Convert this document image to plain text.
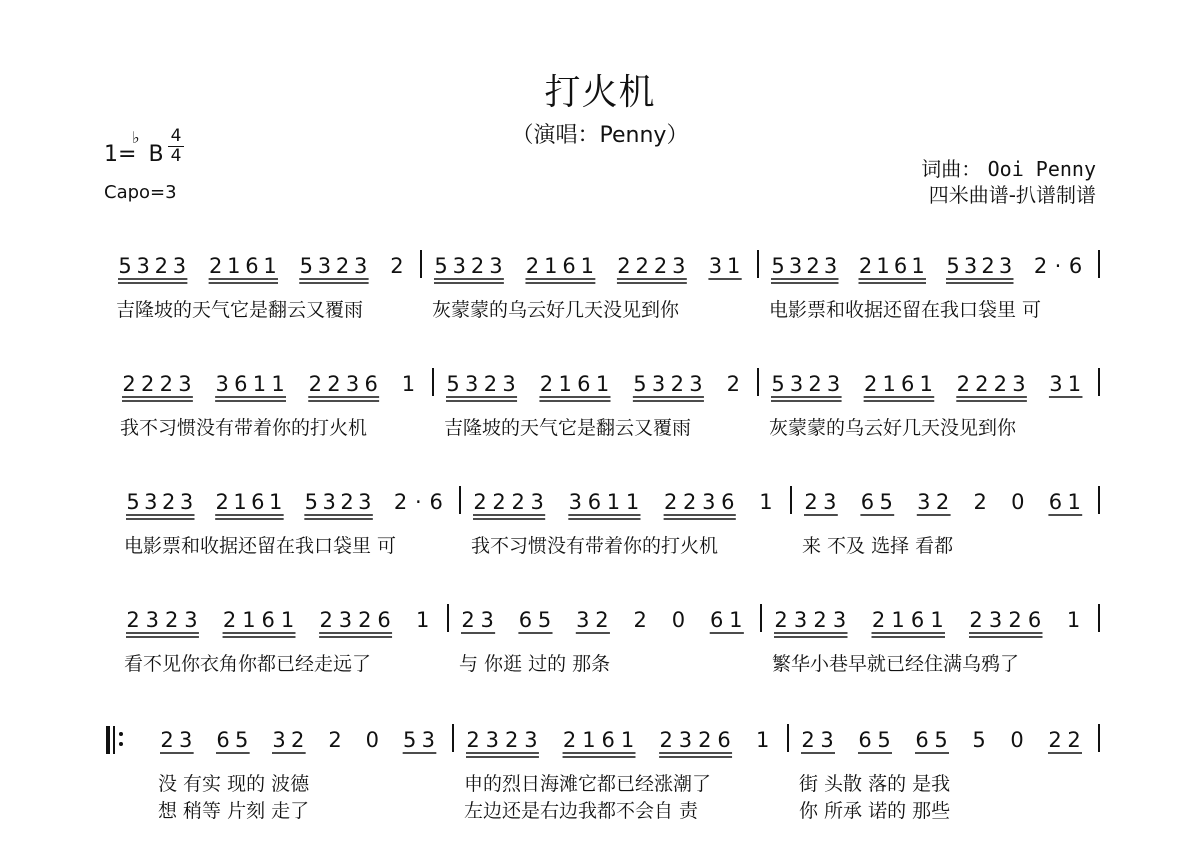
打火机
（演唱：Penny）
1=
♭
B
4
4
Capo=3
词曲： Ooi Penny
四米曲谱-扒谱制谱
5 3 2 3 2 1 6 1 5 3 2 3 2
吉隆坡的天气它是翻云又覆雨
5 3 2 3 2 1 6 1 2 2 2 3 3 1
灰蒙蒙的乌云好几天没见到你
5 3 2 3 2 1 6 1 5 3 2 3 2 · 6
电影票和收据还留在我口袋里 可
2 2 2 3 3 6 1 1 2 2 3 6 1
我不习惯没有带着你的打火机
5 3 2 3 2 1 6 1 5 3 2 3 2
吉隆坡的天气它是翻云又覆雨
5 3 2 3 2 1 6 1 2 2 2 3 3 1
灰蒙蒙的乌云好几天没见到你
5 3 2 3 2 1 6 1 5 3 2 3 2 · 6
电影票和收据还留在我口袋里 可
2 2 2 3 3 6 1 1 2 2 3 6 1
我不习惯没有带着你的打火机
2 3 6 5 3 2 2 0 6 1
来 不及 选择 看都
2 3 2 3 2 1 6 1 2 3 2 6 1
看不见你衣角你都已经走远了
2 3 6 5 3 2 2 0 6 1
与 你逛 过的 那条
2 3 2 3 2 1 6 1 2 3 2 6 1
繁华小巷早就已经住满乌鸦了
2 3 6 5 3 2 2 0 5 3
没 有实 现的 波德
想 稍等 片刻 走了
2 3 2 3 2 1 6 1 2 3 2 6 1
申的烈日海滩它都已经涨潮了
左边还是右边我都不会自 责
2 3 6 5 6 5 5 0 2 2
街 头散 落的 是我
你 所承 诺的 那些
